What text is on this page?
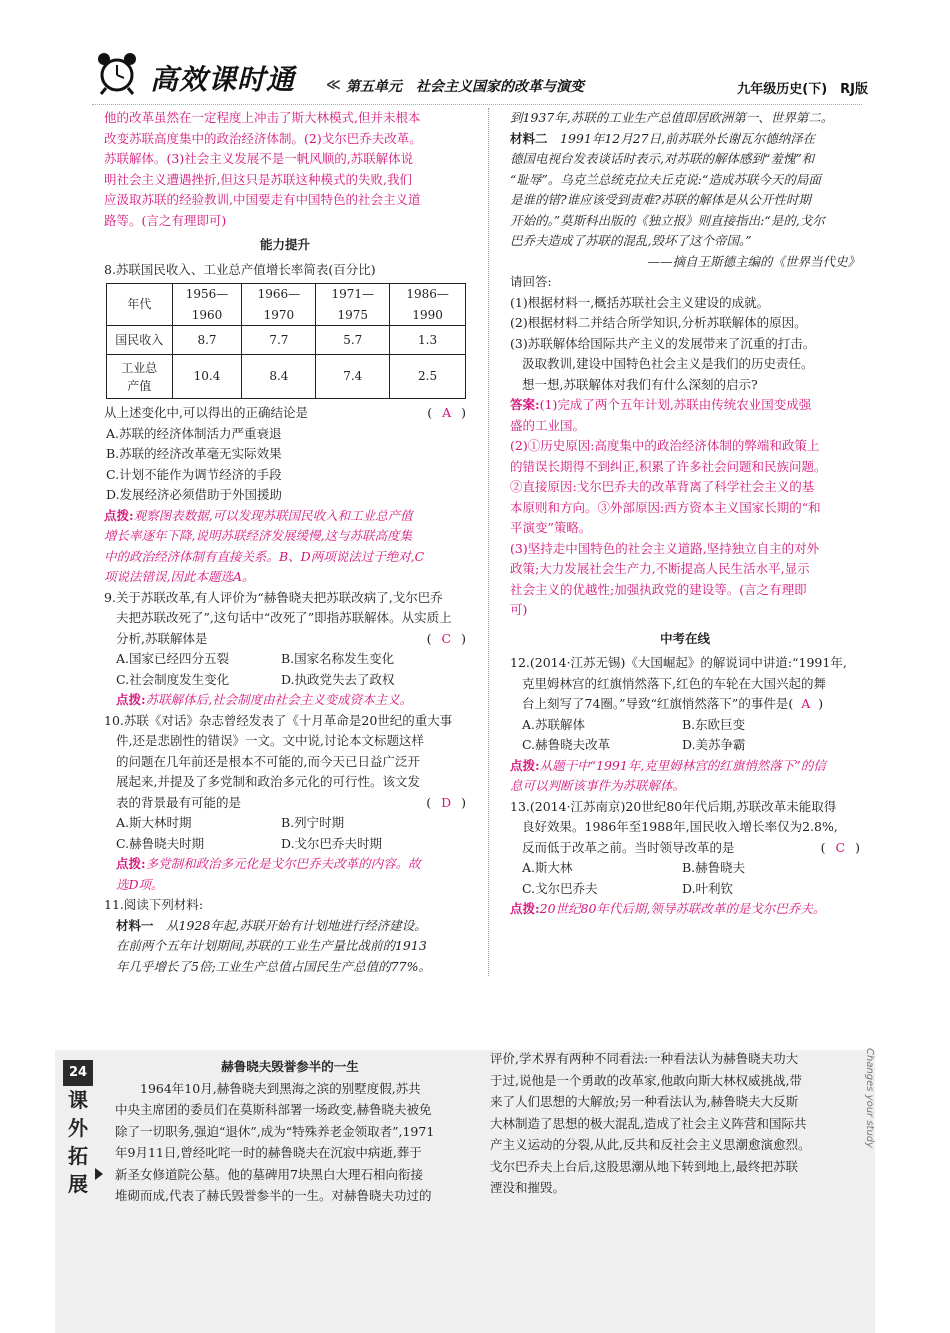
高效课时通 ≪ 第五单元　社会主义国家的改革与演变	九年级历史(下)　RJ版

他的改革虽然在一定程度上冲击了斯大林模式,但并未根本

改变苏联高度集中的政治经济体制。(2)戈尔巴乔夫改革。

苏联解体。(3)社会主义发展不是一帆风顺的,苏联解体说

明社会主义遭遇挫折,但这只是苏联这种模式的失败,我们

应汲取苏联的经验教训,中国要走有中国特色的社会主义道

路等。(言之有理即可)

能力提升

8.苏联国民收入、工业总产值增长率简表(百分比)

年代	1956—1960	1966—1970	1971—1975	1986—1990
国民收入	8.7	7.7	5.7	1.3
工业总
产值	10.4	8.4	7.4	2.5

从上述变化中,可以得出的正确结论是	( A )

A.苏联的经济体制活力严重衰退

B.苏联的经济改革毫无实际效果

C.计划不能作为调节经济的手段

D.发展经济必须借助于外国援助

点拨:观察图表数据,可以发现苏联国民收入和工业总产值

增长率逐年下降,说明苏联经济发展缓慢,这与苏联高度集

中的政治经济体制有直接关系。B、D两项说法过于绝对,C

项说法错误,因此本题选A。

9.关于苏联改革,有人评价为“赫鲁晓夫把苏联改病了,戈尔巴乔

夫把苏联改死了”,这句话中“改死了”即指苏联解体。从实质上

分析,苏联解体是	( C )

A.国家已经四分五裂	B.国家名称发生变化
C.社会制度发生变化	D.执政党失去了政权

点拨:苏联解体后,社会制度由社会主义变成资本主义。

10.苏联《对话》杂志曾经发表了《十月革命是20世纪的重大事

件,还是悲剧性的错误》一文。文中说,讨论本文标题这样

的问题在几年前还是根本不可能的,而今天已日益广泛开

展起来,并提及了多党制和政治多元化的可行性。该文发

表的背景最有可能的是	( D )

A.斯大林时期	B.列宁时期
C.赫鲁晓夫时期	D.戈尔巴乔夫时期

点拨:多党制和政治多元化是戈尔巴乔夫改革的内容。故

选D项。

11.阅读下列材料:

材料一　从1928年起,苏联开始有计划地进行经济建设。

在前两个五年计划期间,苏联的工业生产量比战前的1913

年几乎增长了5倍;工业生产总值占国民生产总值的77%。

到1937年,苏联的工业生产总值即居欧洲第一、世界第二。

材料二　1991年12月27日,前苏联外长谢瓦尔德纳泽在

德国电视台发表谈话时表示,对苏联的解体感到“羞愧”和

“耻辱”。乌克兰总统克拉夫丘克说:“造成苏联今天的局面

是谁的错?谁应该受到责难?苏联的解体是从公开性时期

开始的。”莫斯科出版的《独立报》则直接指出:“是的,戈尔

巴乔夫造成了苏联的混乱,毁坏了这个帝国。”

——摘自王斯德主编的《世界当代史》

请回答:

(1)根据材料一,概括苏联社会主义建设的成就。

(2)根据材料二并结合所学知识,分析苏联解体的原因。

(3)苏联解体给国际共产主义的发展带来了沉重的打击。

汲取教训,建设中国特色社会主义是我们的历史责任。

想一想,苏联解体对我们有什么深刻的启示?

答案:(1)完成了两个五年计划,苏联由传统农业国变成强

盛的工业国。

(2)①历史原因:高度集中的政治经济体制的弊端和政策上

的错误长期得不到纠正,积累了许多社会问题和民族问题。

②直接原因:戈尔巴乔夫的改革背离了科学社会主义的基

本原则和方向。③外部原因:西方资本主义国家长期的“和

平演变”策略。

(3)坚持走中国特色的社会主义道路,坚持独立自主的对外

政策;大力发展社会生产力,不断提高人民生活水平,显示

社会主义的优越性;加强执政党的建设等。(言之有理即

可)

中考在线

12.(2014·江苏无锡)《大国崛起》的解说词中讲道:“1991年,

克里姆林宫的红旗悄然落下,红色的车轮在大国兴起的舞

台上刻写了74圈。”导致“红旗悄然落下”的事件是( A )

A.苏联解体	B.东欧巨变
C.赫鲁晓夫改革	D.美苏争霸

点拨:从题干中“1991年,克里姆林宫的红旗悄然落下”的信

息可以判断该事件为苏联解体。

13.(2014·江苏南京)20世纪80年代后期,苏联改革未能取得

良好效果。1986年至1988年,国民收入增长率仅为2.8%,

反而低于改革之前。当时领导改革的是	( C )

A.斯大林	B.赫鲁晓夫
C.戈尔巴乔夫	D.叶利钦

点拨:20世纪80年代后期,领导苏联改革的是戈尔巴乔夫。

24
课
外
拓
展
Changes your study

赫鲁晓夫毁誉参半的一生

　　1964年10月,赫鲁晓夫到黑海之滨的别墅度假,苏共

中央主席团的委员们在莫斯科部署一场政变,赫鲁晓夫被免

除了一切职务,强迫“退休”,成为“特殊养老金领取者”,1971

年9月11日,曾经叱咤一时的赫鲁晓夫在沉寂中病逝,葬于

新圣女修道院公墓。他的墓碑用7块黑白大理石相向衔接

堆砌而成,代表了赫氏毁誉参半的一生。对赫鲁晓夫功过的

评价,学术界有两种不同看法:一种看法认为赫鲁晓夫功大

于过,说他是一个勇敢的改革家,他敢向斯大林权威挑战,带

来了人们思想的大解放;另一种看法认为,赫鲁晓夫大反斯

大林制造了思想的极大混乱,造成了社会主义阵营和国际共

产主义运动的分裂,从此,反共和反社会主义思潮愈演愈烈。

戈尔巴乔夫上台后,这股思潮从地下转到地上,最终把苏联

湮没和摧毁。
